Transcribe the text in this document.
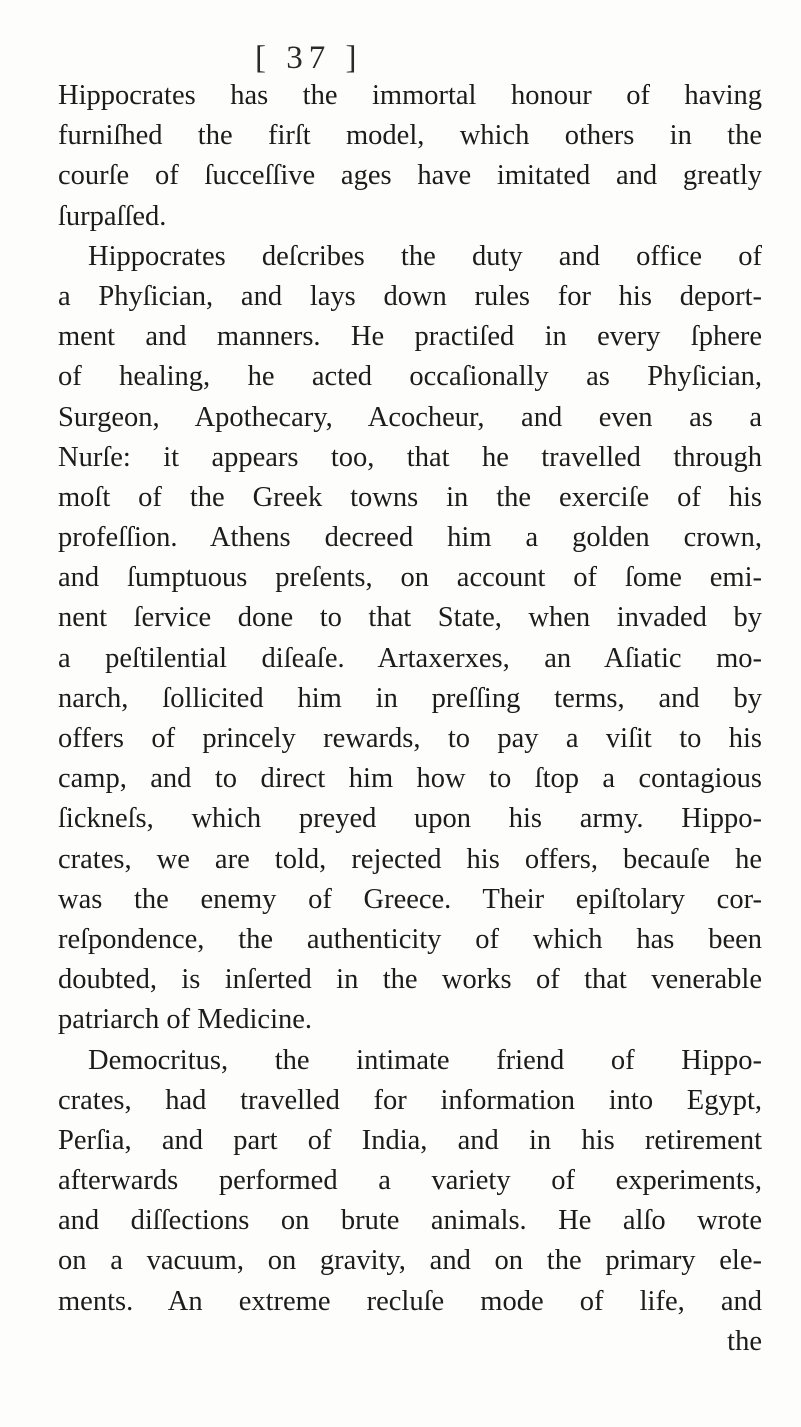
[ 37 ]
Hippocrates has the immortal honour of having
furniſhed the firſt model, which others in the
courſe of ſucceſſive ages have imitated and greatly
ſurpaſſed.
Hippocrates deſcribes the duty and office of
a Phyſician, and lays down rules for his deport-
ment and manners. He practiſed in every ſphere
of healing, he acted occaſionally as Phyſician,
Surgeon, Apothecary, Acocheur, and even as a
Nurſe: it appears too, that he travelled through
moſt of the Greek towns in the exerciſe of his
profeſſion. Athens decreed him a golden crown,
and ſumptuous preſents, on account of ſome emi-
nent ſervice done to that State, when invaded by
a peſtilential diſeaſe. Artaxerxes, an Aſiatic mo-
narch, ſollicited him in preſſing terms, and by
offers of princely rewards, to pay a viſit to his
camp, and to direct him how to ſtop a contagious
ſickneſs, which preyed upon his army. Hippo-
crates, we are told, rejected his offers, becauſe he
was the enemy of Greece. Their epiſtolary cor-
reſpondence, the authenticity of which has been
doubted, is inſerted in the works of that venerable
patriarch of Medicine.
Democritus, the intimate friend of Hippo-
crates, had travelled for information into Egypt,
Perſia, and part of India, and in his retirement
afterwards performed a variety of experiments,
and diſſections on brute animals. He alſo wrote
on a vacuum, on gravity, and on the primary ele-
ments. An extreme recluſe mode of life, and
the
